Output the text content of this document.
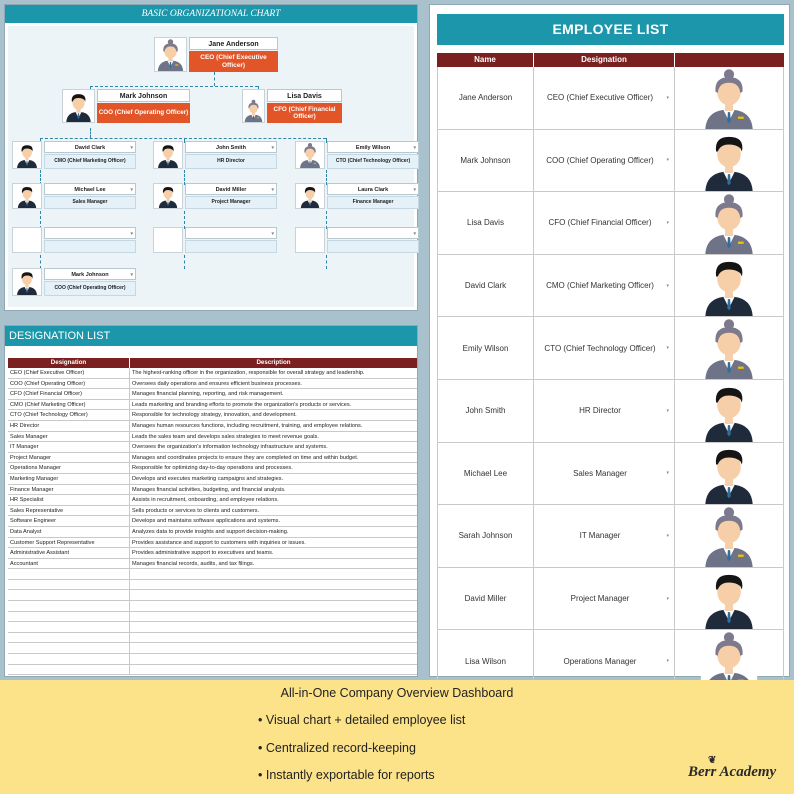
BASIC ORGANIZATIONAL CHART
Jane Anderson
CEO (Chief Executive Officer)
Mark Johnson
COO (Chief Operating Officer)
Lisa Davis
CFO (Chief Financial Officer)
David Clark	▾
CMO (Chief Marketing Officer)
John Smith	▾
HR Director
Emily Wilson	▾
CTO (Chief Technology Officer)
Michael Lee	▾
Sales Manager
David Miller	▾
Project Manager
Laura Clark	▾
Finance Manager
▾	▾	▾
Mark Johnson	▾
COO (Chief Operating Officer)
DESIGNATION LIST
Designation	Description
CEO (Chief Executive Officer)	The highest-ranking officer in the organization, responsible for overall strategy and leadership.
COO (Chief Operating Officer)	Oversees daily operations and ensures efficient business processes.
CFO (Chief Financial Officer)	Manages financial planning, reporting, and risk management.
CMO (Chief Marketing Officer)	Leads marketing and branding efforts to promote the organization's products or services.
CTO (Chief Technology Officer)	Responsible for technology strategy, innovation, and development.
HR Director	Manages human resources functions, including recruitment, training, and employee relations.
Sales Manager	Leads the sales team and develops sales strategies to meet revenue goals.
IT Manager	Oversees the organization's information technology infrastructure and systems.
Project Manager	Manages and coordinates projects to ensure they are completed on time and within budget.
Operations Manager	Responsible for optimizing day-to-day operations and processes.
Marketing Manager	Develops and executes marketing campaigns and strategies.
Finance Manager	Manages financial activities, budgeting, and financial analysis.
HR Specialist	Assists in recruitment, onboarding, and employee relations.
Sales Representative	Sells products or services to clients and customers.
Software Engineer	Develops and maintains software applications and systems.
Data Analyst	Analyzes data to provide insights and support decision-making.
Customer Support Representative	Provides assistance and support to customers with inquiries or issues.
Administrative Assistant	Provides administrative support to executives and teams.
Accountant	Manages financial records, audits, and tax filings.
EMPLOYEE LIST
Name	Designation
Jane Anderson	CEO (Chief Executive Officer)	▾
Mark Johnson	COO (Chief Operating Officer)	▾
Lisa Davis	CFO (Chief Financial Officer)	▾
David Clark	CMO (Chief Marketing Officer)	▾
Emily Wilson	CTO (Chief Technology Officer) ▾
John Smith	HR Director	▾
Michael Lee	Sales Manager	▾
Sarah Johnson	IT Manager	▾
David Miller	Project Manager	▾
Lisa Wilson	Operations Manager	▾
All-in-One Company Overview Dashboard
• Visual chart + detailed employee list
• Centralized record-keeping
• Instantly exportable for reports
❦
Berr Academy
